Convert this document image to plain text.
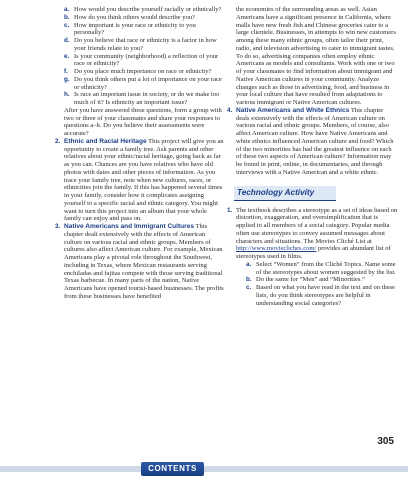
a. How would you describe yourself racially or ethnically?
b. How do you think others would describe you?
c. How important is your race or ethnicity to you personally?
d. Do you believe that race or ethnicity is a factor in how your friends relate to you?
e. Is your community (neighborhood) a reflection of your race or ethnicity?
f. Do you place much importance on race or ethnicity?
g. Do you think others put a lot of importance on your race or ethnicity?
h. Is race an important issue in society, or do we make too much of it? Is ethnicity an important issue?

After you have answered these questions, form a group with two or three of your classmates and share your responses to questions a–h. Do you believe their assessments were accurate?

2. Ethnic and Racial Heritage This project will give you an opportunity to create a family tree. Ask parents and other relatives about your ethnic/racial heritage, going back as far as you can. Chances are you have relatives who have old photos with dates and other pieces of information. As you trace your family tree, note when new cultures, races, or ethnicities join the family. If this has happened several times in your family, consider how it complicates assigning yourself to a specific racial and ethnic category. You might want to turn this project into an album that your whole family can enjoy and pass on.
3. Native Americans and Immigrant Cultures This chapter dealt extensively with the effects of American culture on various racial and ethnic groups. Members of cultures also affect American culture. For example, Mexican Americans play a pivotal role throughout the Southwest, including in Texas, where Mexican restaurants serving enchiladas and fajitas compete with those serving traditional Texas barbecue. In many parts of the nation, Native Americans have opened tourist-based businesses. The profits from these businesses have benefited

the economies of the surrounding areas as well. Asian Americans have a significant presence in California, where malls have new fresh fish and Chinese groceries cater to a large clientele. Businesses, in attempts to win new customers among these many ethnic groups, often tailor their print, radio, and television advertising to cater to immigrant tastes. To do so, advertising companies often employ ethnic Americans as models and consultants. Work with one or two of your classmates to find information about immigrant and Native American cultures in your community. Analyze changes such as those in advertising, food, and business in your local culture that have resulted from adaptations to various immigrant or Native American cultures.

4. Native Americans and White Ethnics This chapter deals extensively with the effects of American culture on various racial and ethnic groups. Members, of course, also affect American culture. How have Native Americans and white ethnics influenced American culture and food? Which of the two minorities has had the greatest influence on each of these two aspects of American culture? Information may be found in print, online, in documentaries, and through interviews with a Native American and a white ethnic.
Technology Activity
1. The textbook describes a stereotype as a set of ideas based on distortion, exaggeration, and oversimplification that is applied to all members of a social category. Popular media often use stereotypes to convey assumed messages about characters and situations. The Movies Cliché List at http://www.moviecliches.com/ provides an abundant list of stereotypes used in films.
a. Select “Women” from the Cliché Topics. Name some of the stereotypes about women suggested by the list.
b. Do the same for “Men” and “Minorities.”
c. Based on what you have read in the text and on these lists, do you think stereotypes are helpful in understanding social categories?
305
CONTENTS
